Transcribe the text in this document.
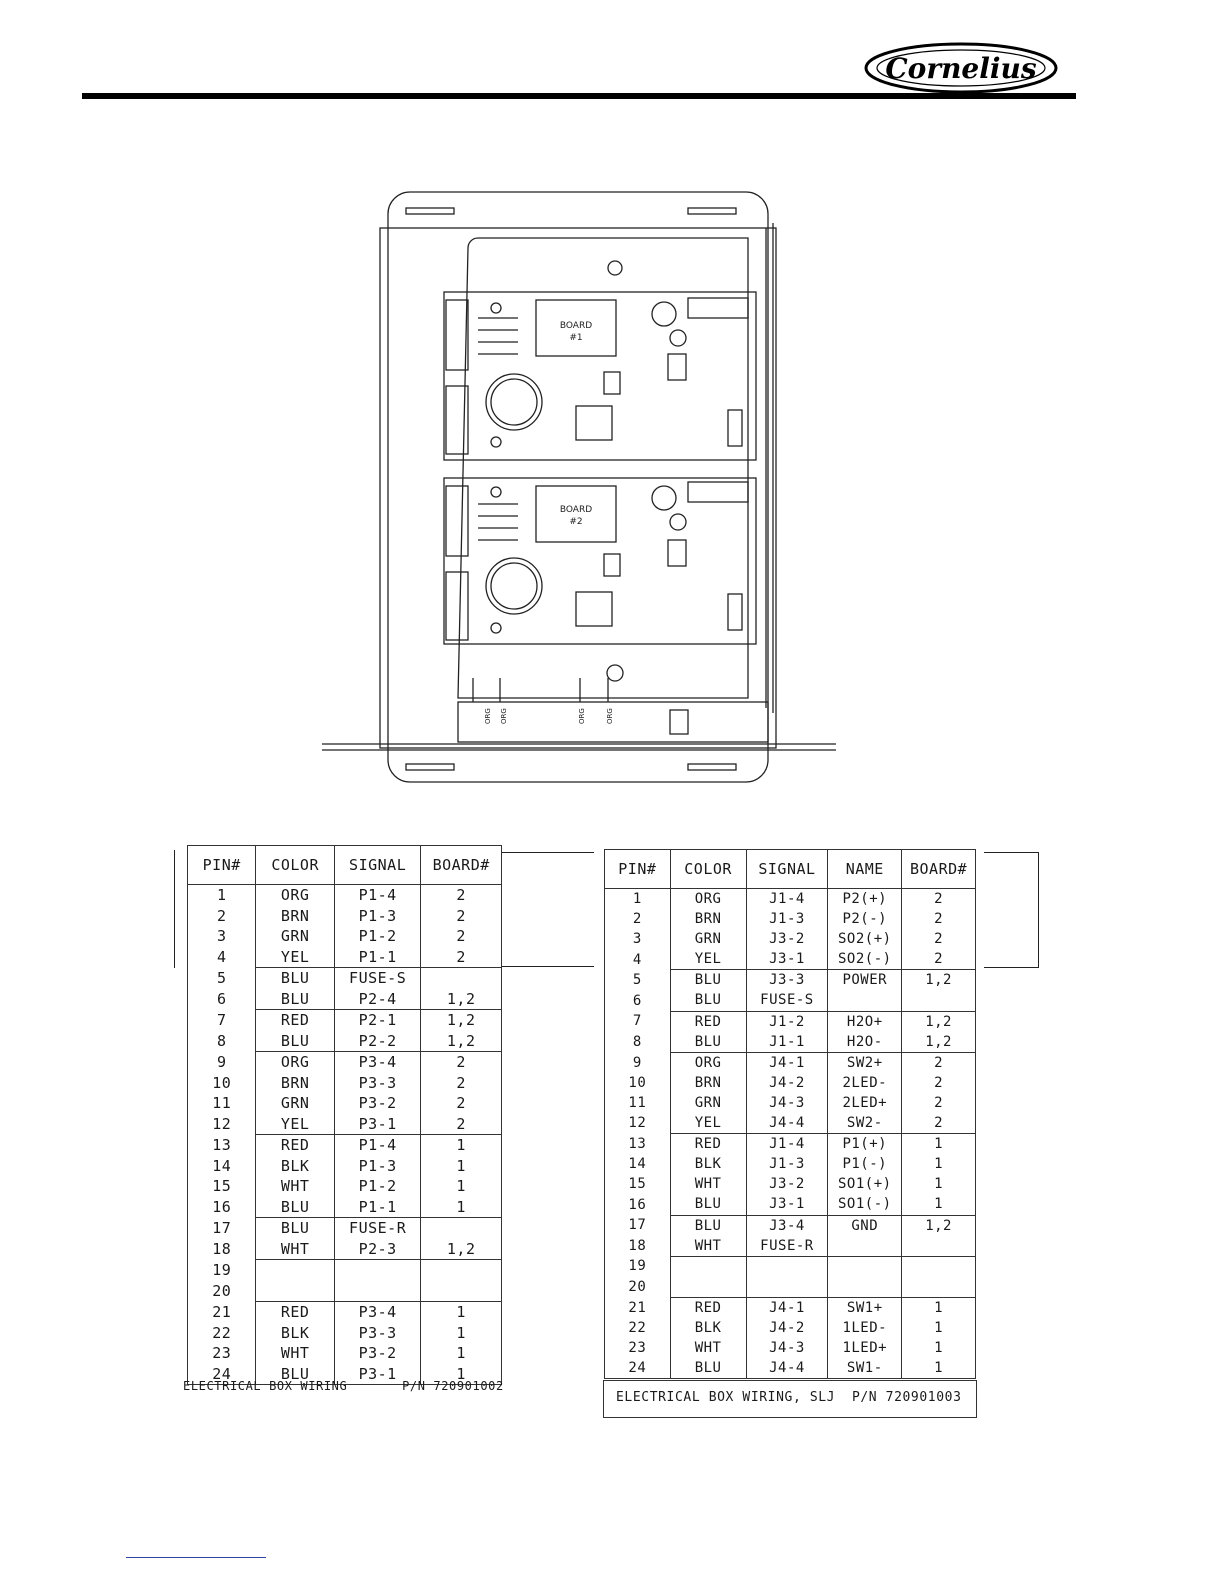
Cornelius
BOARD
#1
BOARD
#2
ORG ORG	ORG	ORG
PIN#	COLOR	SIGNAL	BOARD#
1	ORG	P1-4	2
2	BRN	P1-3	2
3	GRN	P1-2	2
4	YEL	P1-1	2
5	BLU	FUSE-S	
6	BLU	P2-4	1,2
7	RED	P2-1	1,2
8	BLU	P2-2	1,2
9	ORG	P3-4	2
10	BRN	P3-3	2
11	GRN	P3-2	2
12	YEL	P3-1	2
13	RED	P1-4	1
14	BLK	P1-3	1
15	WHT	P1-2	1
16	BLU	P1-1	1
17	BLU	FUSE-R	
18	WHT	P2-3	1,2
19			
20			
21	RED	P3-4	1
22	BLK	P3-3	1
23	WHT	P3-2	1
24	BLU	P3-1	1
ELECTRICAL BOX WIRING       P/N 720901002
PIN#	COLOR	SIGNAL	NAME	BOARD#
1	ORG	J1-4	P2(+)	2
2	BRN	J1-3	P2(-)	2
3	GRN	J3-2	SO2(+)	2
4	YEL	J3-1	SO2(-)	2
5	BLU	J3-3	POWER	1,2
6	BLU	FUSE-S		
7	RED	J1-2	H2O+	1,2
8	BLU	J1-1	H2O-	1,2
9	ORG	J4-1	SW2+	2
10	BRN	J4-2	2LED-	2
11	GRN	J4-3	2LED+	2
12	YEL	J4-4	SW2-	2
13	RED	J1-4	P1(+)	1
14	BLK	J1-3	P1(-)	1
15	WHT	J3-2	SO1(+)	1
16	BLU	J3-1	SO1(-)	1
17	BLU	J3-4	GND	1,2
18	WHT	FUSE-R		
19				
20				
21	RED	J4-1	SW1+	1
22	BLK	J4-2	1LED-	1
23	WHT	J4-3	1LED+	1
24	BLU	J4-4	SW1-	1
ELECTRICAL BOX WIRING, SLJ  P/N 720901003
